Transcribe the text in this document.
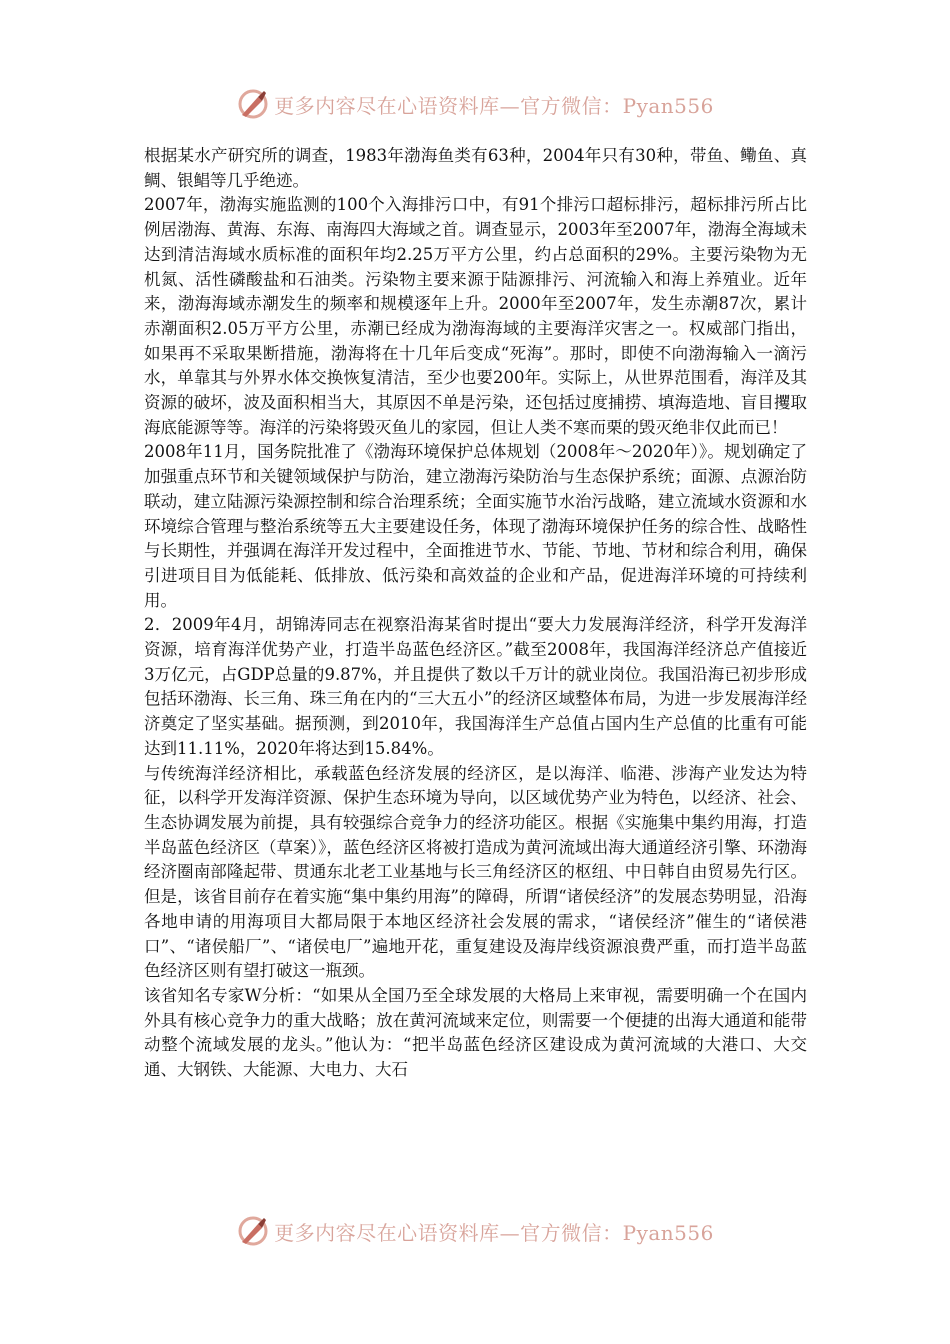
更多内容尽在心语资料库—官方微信：Pyan556

根据某水产研究所的调查，1983年渤海鱼类有63种，2004年只有30种，带鱼、鳓鱼、真鲷、银鲳等几乎绝迹。

2007年，渤海实施监测的100个入海排污口中，有91个排污口超标排污，超标排污所占比例居渤海、黄海、东海、南海四大海域之首。调查显示，2003年至2007年，渤海全海域未达到清洁海域水质标准的面积年均2.25万平方公里，约占总面积的29%。主要污染物为无机氮、活性磷酸盐和石油类。污染物主要来源于陆源排污、河流输入和海上养殖业。近年来，渤海海域赤潮发生的频率和规模逐年上升。2000年至2007年，发生赤潮87次，累计赤潮面积2.05万平方公里，赤潮已经成为渤海海域的主要海洋灾害之一。权威部门指出，如果再不采取果断措施，渤海将在十几年后变成“死海”。那时，即使不向渤海输入一滴污水，单靠其与外界水体交换恢复清洁，至少也要200年。实际上，从世界范围看，海洋及其资源的破坏，波及面积相当大，其原因不单是污染，还包括过度捕捞、填海造地、盲目攫取海底能源等等。海洋的污染将毁灭鱼儿的家园，但让人类不寒而栗的毁灭绝非仅此而已！

2008年11月，国务院批准了《渤海环境保护总体规划（2008年～2020年）》。规划确定了加强重点环节和关键领域保护与防治，建立渤海污染防治与生态保护系统；面源、点源治防联动，建立陆源污染源控制和综合治理系统；全面实施节水治污战略，建立流域水资源和水环境综合管理与整治系统等五大主要建设任务，体现了渤海环境保护任务的综合性、战略性与长期性，并强调在海洋开发过程中，全面推进节水、节能、节地、节材和综合利用，确保引进项目目为低能耗、低排放、低污染和高效益的企业和产品，促进海洋环境的可持续利用。

2．2009年4月，胡锦涛同志在视察沿海某省时提出“要大力发展海洋经济，科学开发海洋资源，培育海洋优势产业，打造半岛蓝色经济区。”截至2008年，我国海洋经济总产值接近3万亿元，占GDP总量的9.87%，并且提供了数以千万计的就业岗位。我国沿海已初步形成包括环渤海、长三角、珠三角在内的“三大五小”的经济区域整体布局，为进一步发展海洋经济奠定了坚实基础。据预测，到2010年，我国海洋生产总值占国内生产总值的比重有可能达到11.11%，2020年将达到15.84%。

与传统海洋经济相比，承载蓝色经济发展的经济区，是以海洋、临港、涉海产业发达为特征，以科学开发海洋资源、保护生态环境为导向，以区域优势产业为特色，以经济、社会、生态协调发展为前提，具有较强综合竞争力的经济功能区。根据《实施集中集约用海，打造半岛蓝色经济区（草案）》，蓝色经济区将被打造成为黄河流域出海大通道经济引擎、环渤海经济圈南部隆起带、贯通东北老工业基地与长三角经济区的枢纽、中日韩自由贸易先行区。但是，该省目前存在着实施“集中集约用海”的障碍，所谓“诸侯经济”的发展态势明显，沿海各地申请的用海项目大都局限于本地区经济社会发展的需求，“诸侯经济”催生的“诸侯港口”、“诸侯船厂”、“诸侯电厂”遍地开花，重复建设及海岸线资源浪费严重，而打造半岛蓝色经济区则有望打破这一瓶颈。

该省知名专家W分析：“如果从全国乃至全球发展的大格局上来审视，需要明确一个在国内外具有核心竞争力的重大战略；放在黄河流域来定位，则需要一个便捷的出海大通道和能带动整个流域发展的龙头。”他认为：“把半岛蓝色经济区建设成为黄河流域的大港口、大交通、大钢铁、大能源、大电力、大石

更多内容尽在心语资料库—官方微信：Pyan556
